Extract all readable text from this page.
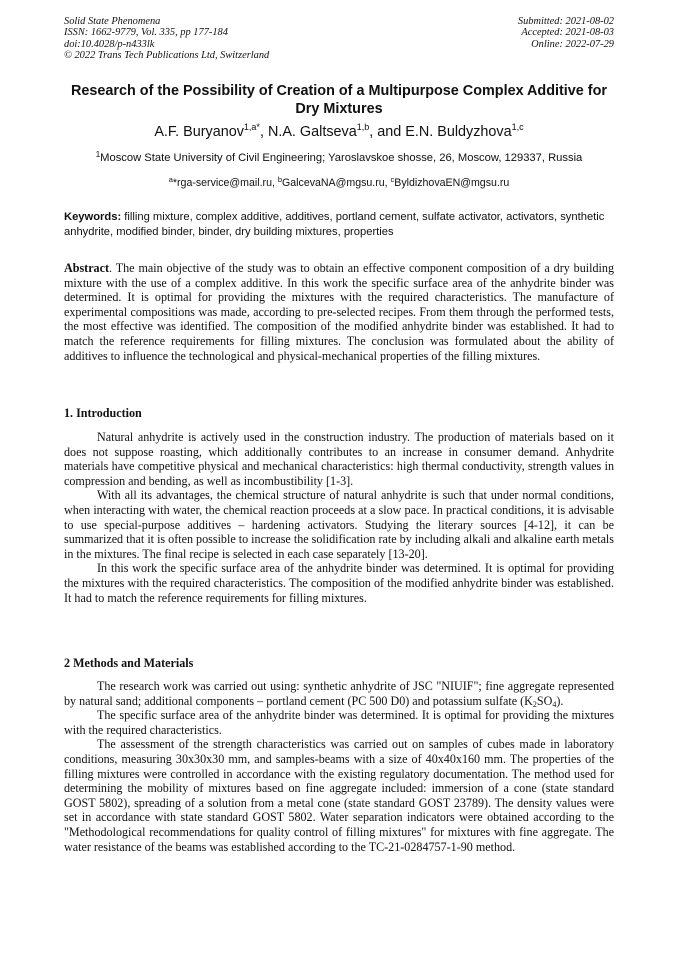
Solid State Phenomena
ISSN: 1662-9779, Vol. 335, pp 177-184
doi:10.4028/p-n433lk
© 2022 Trans Tech Publications Ltd, Switzerland
Submitted: 2021-08-02
Accepted: 2021-08-03
Online: 2022-07-29
Research of the Possibility of Creation of a Multipurpose Complex Additive for Dry Mixtures
A.F. Buryanov$^{1,a*}$, N.A. Galtseva$^{1,b}$, and E.N. Buldyzhova$^{1,c}$
$^1$Moscow State University of Civil Engineering; Yaroslavskoe shosse, 26, Moscow, 129337, Russia
$^a$*rga-service@mail.ru, $^b$GalcevaNA@mgsu.ru, $^c$ByldizhovaEN@mgsu.ru
Keywords: filling mixture, complex additive, additives, portland cement, sulfate activator, activators, synthetic anhydrite, modified binder, binder, dry building mixtures, properties

Abstract. The main objective of the study was to obtain an effective component composition of a dry building mixture with the use of a complex additive. In this work the specific surface area of the anhydrite binder was determined. It is optimal for providing the mixtures with the required characteristics. The manufacture of experimental compositions was made, according to pre-selected recipes. From them through the performed tests, the most effective was identified. The composition of the modified anhydrite binder was established. It had to match the reference requirements for filling mixtures. The conclusion was formulated about the ability of additives to influence the technological and physical-mechanical properties of the filling mixtures.

1. Introduction

Natural anhydrite is actively used in the construction industry. The production of materials based on it does not suppose roasting, which additionally contributes to an increase in consumer demand. Anhydrite materials have competitive physical and mechanical characteristics: high thermal conductivity, strength values in compression and bending, as well as incombustibility [1-3].

With all its advantages, the chemical structure of natural anhydrite is such that under normal conditions, when interacting with water, the chemical reaction proceeds at a slow pace. In practical conditions, it is advisable to use special-purpose additives – hardening activators. Studying the literary sources [4-12], it can be summarized that it is often possible to increase the solidification rate by including alkali and alkaline earth metals in the mixtures. The final recipe is selected in each case separately [13-20].

In this work the specific surface area of the anhydrite binder was determined. It is optimal for providing the mixtures with the required characteristics. The composition of the modified anhydrite binder was established. It had to match the reference requirements for filling mixtures.

2 Methods and Materials

The research work was carried out using: synthetic anhydrite of JSC "NIUIF"; fine aggregate represented by natural sand; additional components – portland cement (PC 500 D0) and potassium sulfate $(K_2SO_4)$.

The specific surface area of the anhydrite binder was determined. It is optimal for providing the mixtures with the required characteristics.

The assessment of the strength characteristics was carried out on samples of cubes made in laboratory conditions, measuring 30x30x30 mm, and samples-beams with a size of 40x40x160 mm. The properties of the filling mixtures were controlled in accordance with the existing regulatory documentation. The method used for determining the mobility of mixtures based on fine aggregate included: immersion of a cone (state standard GOST 5802), spreading of a solution from a metal cone (state standard GOST 23789). The density values were set in accordance with state standard GOST 5802. Water separation indicators were obtained according to the "Methodological recommendations for quality control of filling mixtures" for mixtures with fine aggregate. The water resistance of the beams was established according to the TC-21-0284757-1-90 method.
